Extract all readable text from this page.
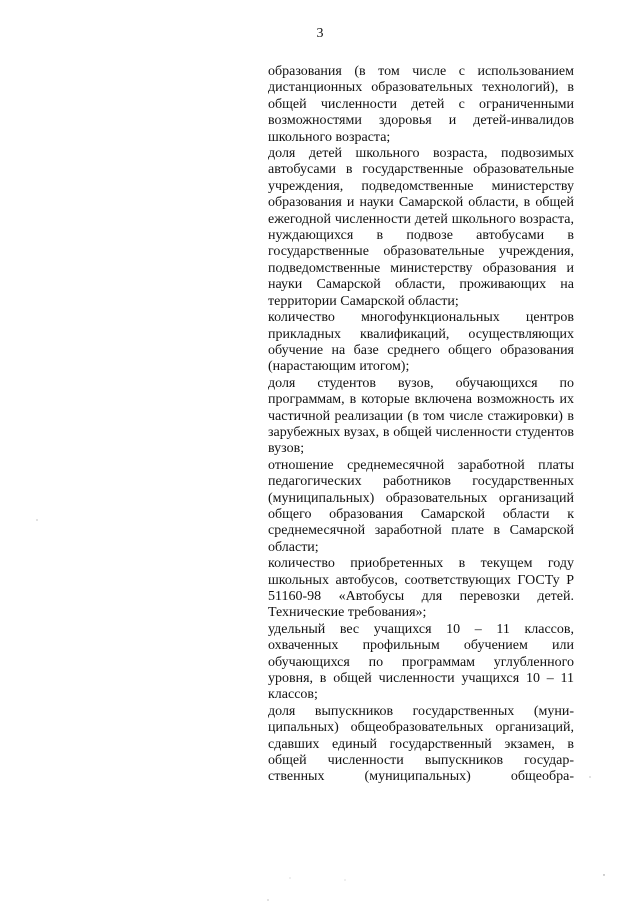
3

образования (в том числе с использованием дистанционных образовательных технологий), в общей численности детей с ограниченными возможностями здоровья и детей-инвалидов школьного возраста;

доля детей школьного возраста, подвозимых автобусами в государственные образовательные учреждения, подведомственные министерству образования и науки Самарской области, в общей ежегодной численности детей школьного возраста, нуждающихся в подвозе автобусами в государственные образовательные учреждения, подведомственные министерству образования и науки Самарской области, проживающих на территории Самарской области;

количество многофункциональных центров прикладных квалификаций, осуществляющих обучение на базе среднего общего образования (нарастающим итогом);

доля студентов вузов, обучающихся по программам, в которые включена возможность их частичной реализации (в том числе стажировки) в зарубежных вузах, в общей численности студентов вузов;

отношение среднемесячной заработной платы педагогических работников государственных (муниципальных) образовательных организаций общего образования Самарской области к среднемесячной заработной плате в Самарской области;

количество приобретенных в текущем году школьных автобусов, соответствующих ГОСТу Р 51160-98 «Автобусы для перевозки детей. Технические требования»;

удельный вес учащихся 10 – 11 классов, охваченных профильным обучением или обучающихся по программам углубленного уровня, в общей численности учащихся 10 – 11 классов;

доля выпускников государственных (муни-ципальных) общеобразовательных организаций, сдавших единый государственный экзамен, в общей численности выпускников государ-ственных (муниципальных) общеобра-
